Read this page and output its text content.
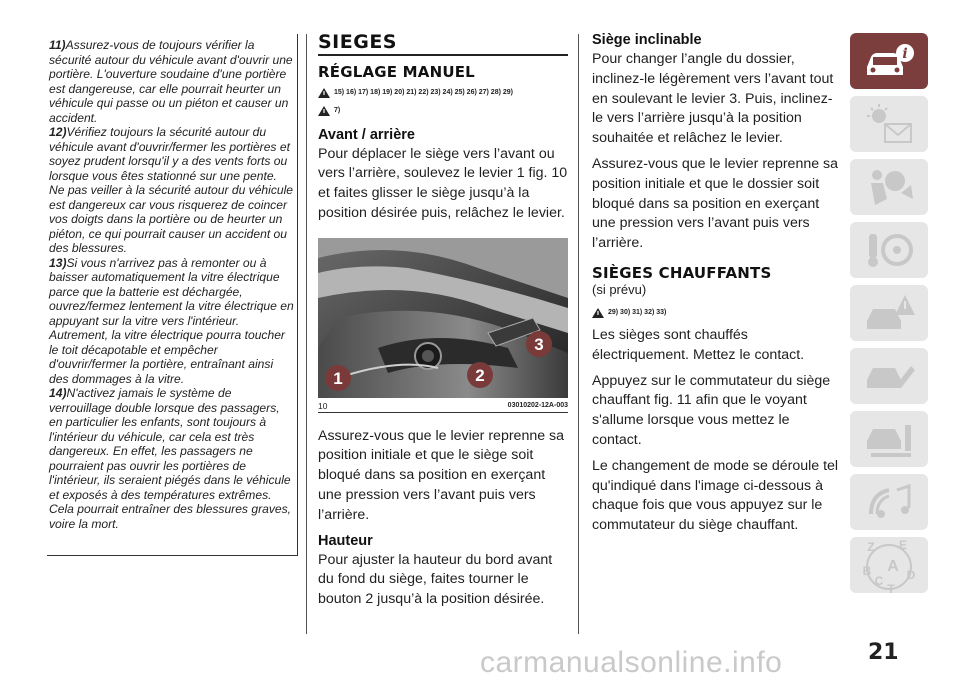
11)Assurez-vous de toujours vérifier la sécurité autour du véhicule avant d'ouvrir une portière. L'ouverture soudaine d'une portière est dangereuse, car elle pourrait heurter un véhicule qui passe ou un piéton et causer un accident.

12)Vérifiez toujours la sécurité autour du véhicule avant d'ouvrir/fermer les portières et soyez prudent lorsqu'il y a des vents forts ou lorsque vous êtes stationné sur une pente. Ne pas veiller à la sécurité autour du véhicule est dangereux car vous risquerez de coincer vos doigts dans la portière ou de heurter un piéton, ce qui pourrait causer un accident ou des blessures.

13)Si vous n'arrivez pas à remonter ou à baisser automatiquement la vitre électrique parce que la batterie est déchargée, ouvrez/fermez lentement la vitre électrique en appuyant sur la vitre vers l'intérieur. Autrement, la vitre électrique pourra toucher le toit décapotable et empêcher d'ouvrir/fermer la portière, entraînant ainsi des dommages à la vitre.

14)N'activez jamais le système de verrouillage double lorsque des passagers, en particulier les enfants, sont toujours à l'intérieur du véhicule, car cela est très dangereux. En effet, les passagers ne pourraient pas ouvrir les portières de l'intérieur, ils seraient piégés dans le véhicule et exposés à des températures extrêmes. Cela pourrait entraîner des blessures graves, voire la mort.

SIEGES
RÉGLAGE MANUEL
15) 16) 17) 18) 19) 20) 21) 22) 23) 24) 25) 26) 27) 28) 29)
7)
Avant / arrière
Pour déplacer le siège vers l’avant ou vers l’arrière, soulevez le levier 1 fig. 10 et faites glisser le siège jusqu’à la position désirée puis, relâchez le levier.
1	2
3
10	03010202-12A-003
Assurez-vous que le levier reprenne sa position initiale et que le siège soit bloqué dans sa position en exerçant une pression vers l’avant puis vers l’arrière.
Hauteur
Pour ajuster la hauteur du bord avant du fond du siège, faites tourner le bouton 2 jusqu’à la position désirée.
Siège inclinable
Pour changer l’angle du dossier, inclinez-le légèrement vers l’avant tout en soulevant le levier 3. Puis, inclinez-le vers l’arrière jusqu’à la position souhaitée et relâchez le levier.
Assurez-vous que le levier reprenne sa position initiale et que le dossier soit bloqué dans sa position en exerçant une pression vers l’avant puis vers l’arrière.
SIÈGES CHAUFFANTS
(si prévu)
29) 30) 31) 32) 33)
Les sièges sont chauffés électriquement. Mettez le contact.
Appuyez sur le commutateur du siège chauffant fig. 11 afin que le voyant s'allume lorsque vous mettez le contact.
Le changement de mode se déroule tel qu'indiqué dans l'image ci-dessous à chaque fois que vous appuyez sur le commutateur du siège chauffant.
i
Z E
B A
C D
T
21
carmanualsonline.info
